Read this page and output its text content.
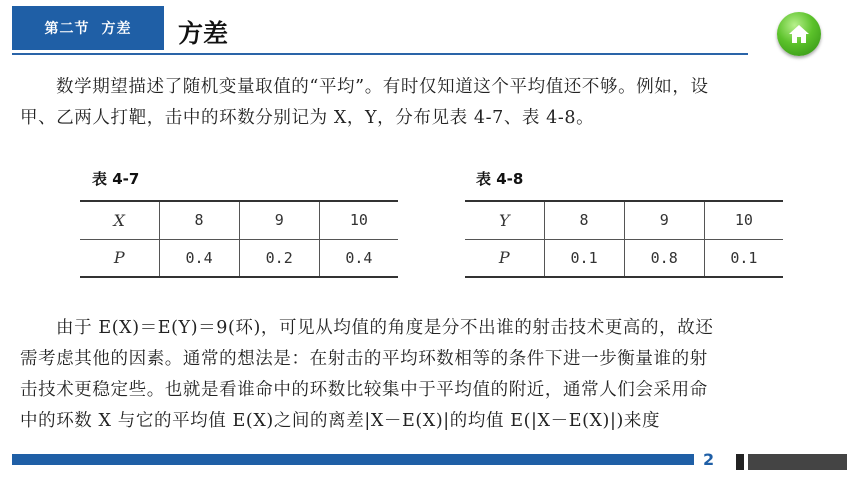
第二节 方差 方差
数学期望描述了随机变量取值的“平均”。有时仅知道这个平均值还不够。例如，设
甲、乙两人打靶，击中的环数分别记为 X，Y，分布见表 4-7、表 4-8。
表 4-7	表 4-8
X	8	9	10
P	0.4	0.2	0.4
Y	8	9	10
P	0.1	0.8	0.1
由于 E(X)＝E(Y)＝9(环)，可见从均值的角度是分不出谁的射击技术更高的，故还
需考虑其他的因素。通常的想法是：在射击的平均环数相等的条件下进一步衡量谁的射
击技术更稳定些。也就是看谁命中的环数比较集中于平均值的附近，通常人们会采用命
中的环数 X 与它的平均值 E(X)之间的离差|X－E(X)|的均值 E(|X－E(X)|)来度
2
